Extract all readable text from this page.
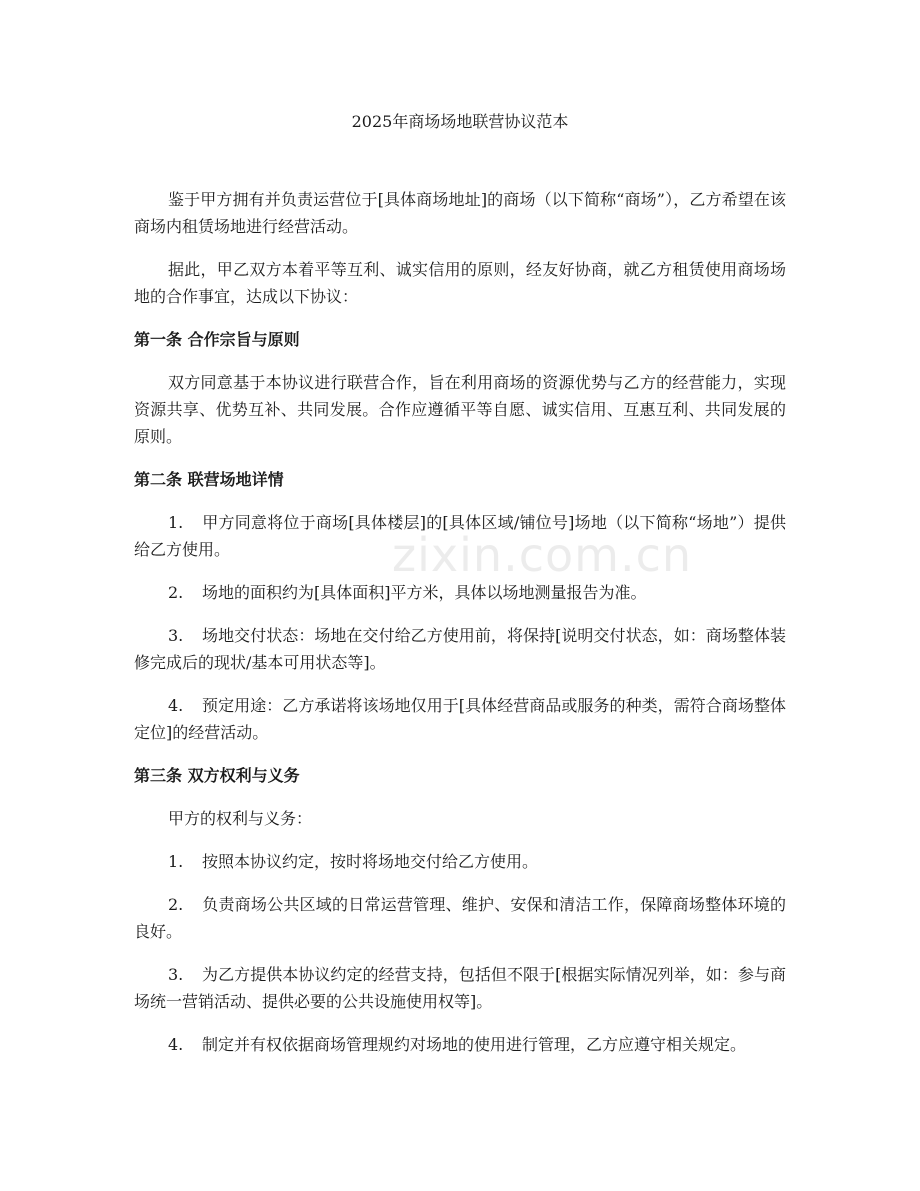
2025年商场场地联营协议范本

鉴于甲方拥有并负责运营位于[具体商场地址]的商场（以下简称“商场”），乙方希望在该商场内租赁场地进行经营活动。

据此，甲乙双方本着平等互利、诚实信用的原则，经友好协商，就乙方租赁使用商场场地的合作事宜，达成以下协议：

第一条 合作宗旨与原则

双方同意基于本协议进行联营合作，旨在利用商场的资源优势与乙方的经营能力，实现资源共享、优势互补、共同发展。合作应遵循平等自愿、诚实信用、互惠互利、共同发展的原则。

第二条 联营场地详情

1. 甲方同意将位于商场[具体楼层]的[具体区域/铺位号]场地（以下简称“场地”）提供给乙方使用。

2. 场地的面积约为[具体面积]平方米，具体以场地测量报告为准。

3. 场地交付状态：场地在交付给乙方使用前，将保持[说明交付状态，如：商场整体装修完成后的现状/基本可用状态等]。

4. 预定用途：乙方承诺将该场地仅用于[具体经营商品或服务的种类，需符合商场整体定位]的经营活动。

第三条 双方权利与义务

甲方的权利与义务：

1. 按照本协议约定，按时将场地交付给乙方使用。

2. 负责商场公共区域的日常运营管理、维护、安保和清洁工作，保障商场整体环境的良好。

3. 为乙方提供本协议约定的经营支持，包括但不限于[根据实际情况列举，如：参与商场统一营销活动、提供必要的公共设施使用权等]。

4. 制定并有权依据商场管理规约对场地的使用进行管理，乙方应遵守相关规定。

zixin.com.cn
